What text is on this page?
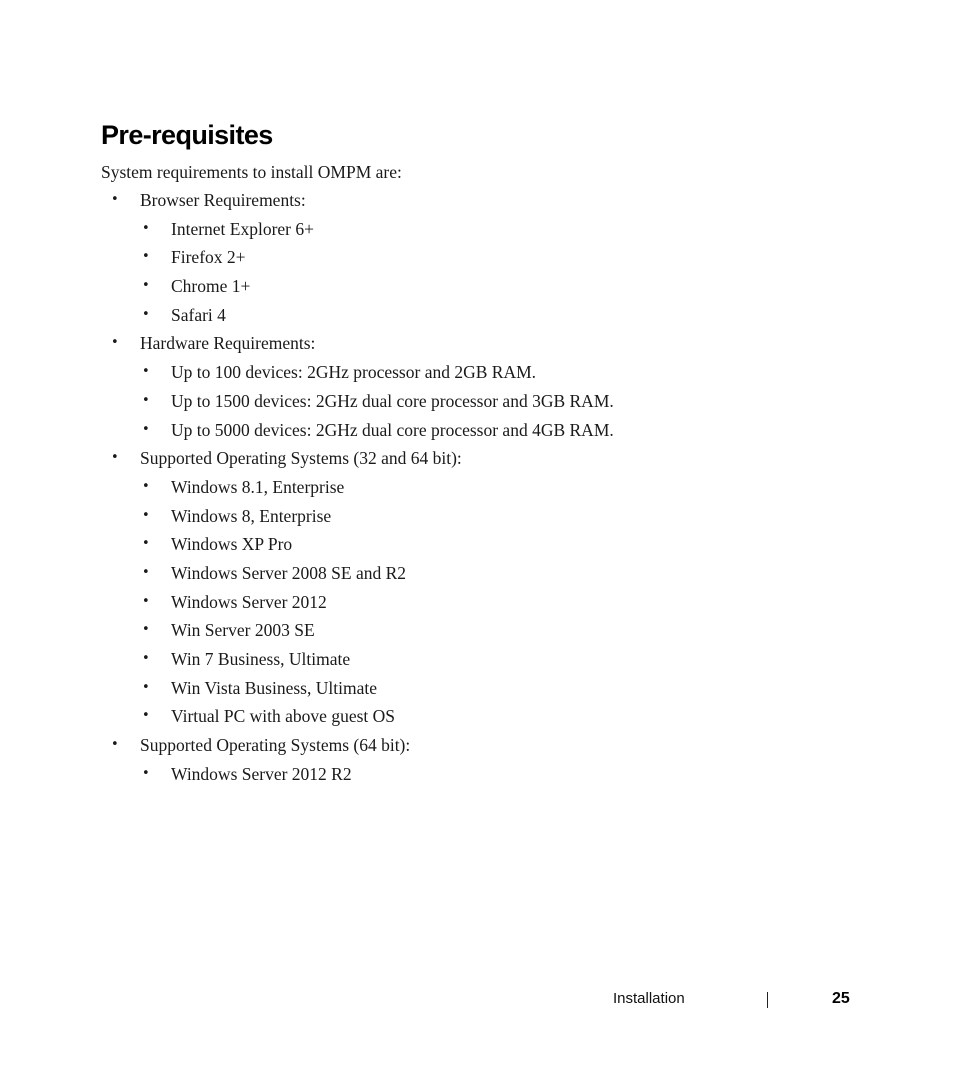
Pre-requisites

System requirements to install OMPM are:

• Browser Requirements:
• Internet Explorer 6+
• Firefox 2+
• Chrome 1+
• Safari 4
• Hardware Requirements:
• Up to 100 devices: 2GHz processor and 2GB RAM.
• Up to 1500 devices: 2GHz dual core processor and 3GB RAM.
• Up to 5000 devices: 2GHz dual core processor and 4GB RAM.
• Supported Operating Systems (32 and 64 bit):
• Windows 8.1, Enterprise
• Windows 8, Enterprise
• Windows XP Pro
• Windows Server 2008 SE and R2
• Windows Server 2012
• Win Server 2003 SE
• Win 7 Business, Ultimate
• Win Vista Business, Ultimate
• Virtual PC with above guest OS
• Supported Operating Systems (64 bit):
• Windows Server 2012 R2
Installation	25
